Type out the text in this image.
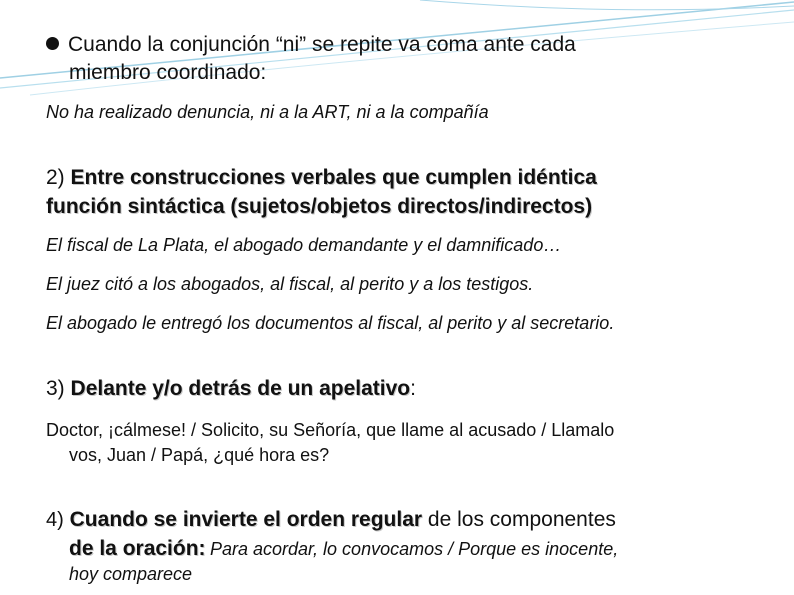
Cuando la conjunción “ni” se repite va coma ante cada
miembro coordinado:
No ha realizado denuncia, ni a la ART, ni a la compañía
2) Entre construcciones verbales que cumplen idéntica
función sintáctica (sujetos/objetos directos/indirectos)
El fiscal de La Plata, el abogado demandante y el damnificado…
El juez citó a los abogados, al fiscal, al perito y a los testigos.
El abogado le entregó los documentos al fiscal, al perito y al secretario.
3) Delante y/o detrás de un apelativo:
Doctor, ¡cálmese! / Solicito, su Señoría, que llame al acusado / Llamalo
vos, Juan / Papá, ¿qué hora es?
4) Cuando se invierte el orden regular de los componentes
de la oración: Para acordar, lo convocamos / Porque es inocente,
hoy comparece
